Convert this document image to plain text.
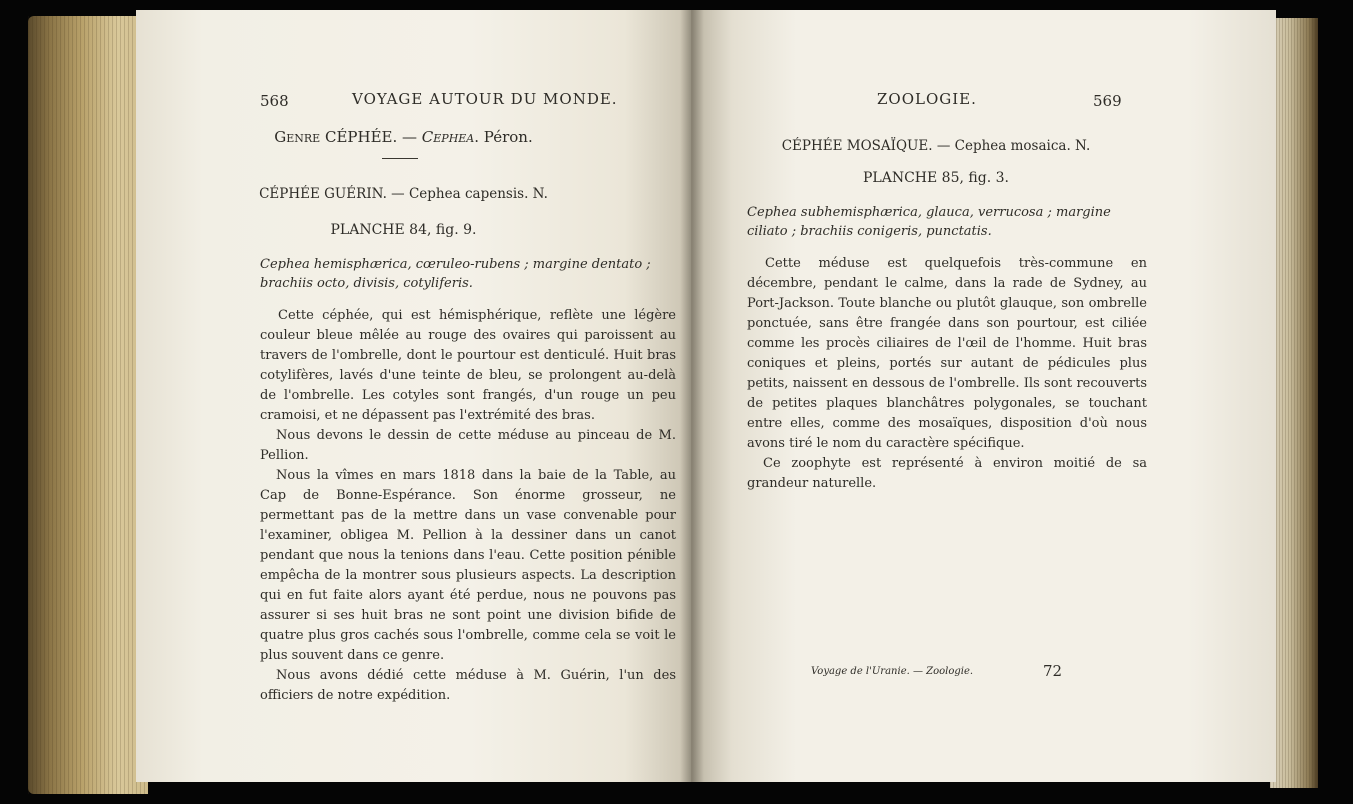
568	VOYAGE AUTOUR DU MONDE.
Genre CÉPHÉE. — Cephea. Péron.
CÉPHÉE GUÉRIN. — Cephea capensis. N.
PLANCHE 84, fig. 9.
Cephea hemisphærica, cœruleo-rubens ; margine dentato ; brachiis octo, divisis, cotyliferis.

Cette céphée, qui est hémisphérique, reflète une légère couleur bleue mêlée au rouge des ovaires qui paroissent au travers de l'ombrelle, dont le pourtour est denticulé. Huit bras cotylifères, lavés d'une teinte de bleu, se prolongent au-delà de l'ombrelle. Les cotyles sont frangés, d'un rouge un peu cramoisi, et ne dépassent pas l'extrémité des bras.

Nous devons le dessin de cette méduse au pinceau de M. Pellion.

Nous la vîmes en mars 1818 dans la baie de la Table, au Cap de Bonne-Espérance. Son énorme grosseur, ne permettant pas de la mettre dans un vase convenable pour l'examiner, obligea M. Pellion à la dessiner dans un canot pendant que nous la tenions dans l'eau. Cette position pénible empêcha de la montrer sous plusieurs aspects. La description qui en fut faite alors ayant été perdue, nous ne pouvons pas assurer si ses huit bras ne sont point une division bifide de quatre plus gros cachés sous l'ombrelle, comme cela se voit le plus souvent dans ce genre.

Nous avons dédié cette méduse à M. Guérin, l'un des officiers de notre expédition.

ZOOLOGIE.	569
CÉPHÉE MOSAÏQUE. — Cephea mosaica. N.
PLANCHE 85, fig. 3.
Cephea subhemisphærica, glauca, verrucosa ; margine ciliato ; brachiis conigeris, punctatis.

Cette méduse est quelquefois très-commune en décembre, pendant le calme, dans la rade de Sydney, au Port-Jackson. Toute blanche ou plutôt glauque, son ombrelle ponctuée, sans être frangée dans son pourtour, est ciliée comme les procès ciliaires de l'œil de l'homme. Huit bras coniques et pleins, portés sur autant de pédicules plus petits, naissent en dessous de l'ombrelle. Ils sont recouverts de petites plaques blanchâtres polygonales, se touchant entre elles, comme des mosaïques, disposition d'où nous avons tiré le nom du caractère spécifique.

Ce zoophyte est représenté à environ moitié de sa grandeur naturelle.

Voyage de l'Uranie. — Zoologie.	72
